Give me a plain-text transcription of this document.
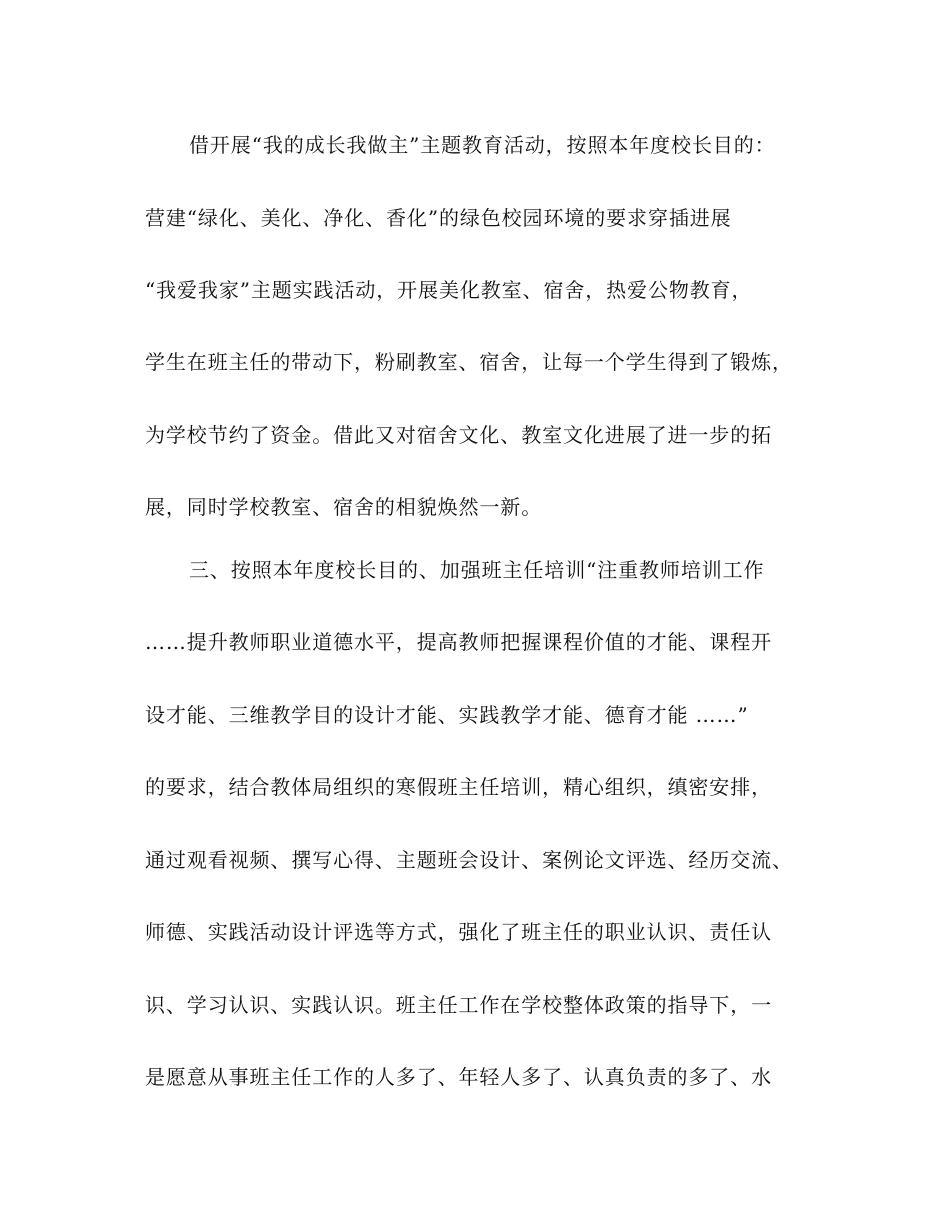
借开展“我的成长我做主”主题教育活动，按照本年度校长目的：
营建“绿化、美化、净化、香化”的绿色校园环境的要求穿插进展
“我爱我家”主题实践活动，开展美化教室、宿舍，热爱公物教育，
学生在班主任的带动下，粉刷教室、宿舍，让每一个学生得到了锻炼，
为学校节约了资金。借此又对宿舍文化、教室文化进展了进一步的拓
展，同时学校教室、宿舍的相貌焕然一新。
三、按照本年度校长目的、加强班主任培训“注重教师培训工作
……提升教师职业道德水平，提高教师把握课程价值的才能、课程开
设才能、三维教学目的设计才能、实践教学才能、德育才能 ……”
的要求，结合教体局组织的寒假班主任培训，精心组织，缜密安排，
通过观看视频、撰写心得、主题班会设计、案例论文评选、经历交流、
师德、实践活动设计评选等方式，强化了班主任的职业认识、责任认
识、学习认识、实践认识。班主任工作在学校整体政策的指导下，一
是愿意从事班主任工作的人多了、年轻人多了、认真负责的多了、水
